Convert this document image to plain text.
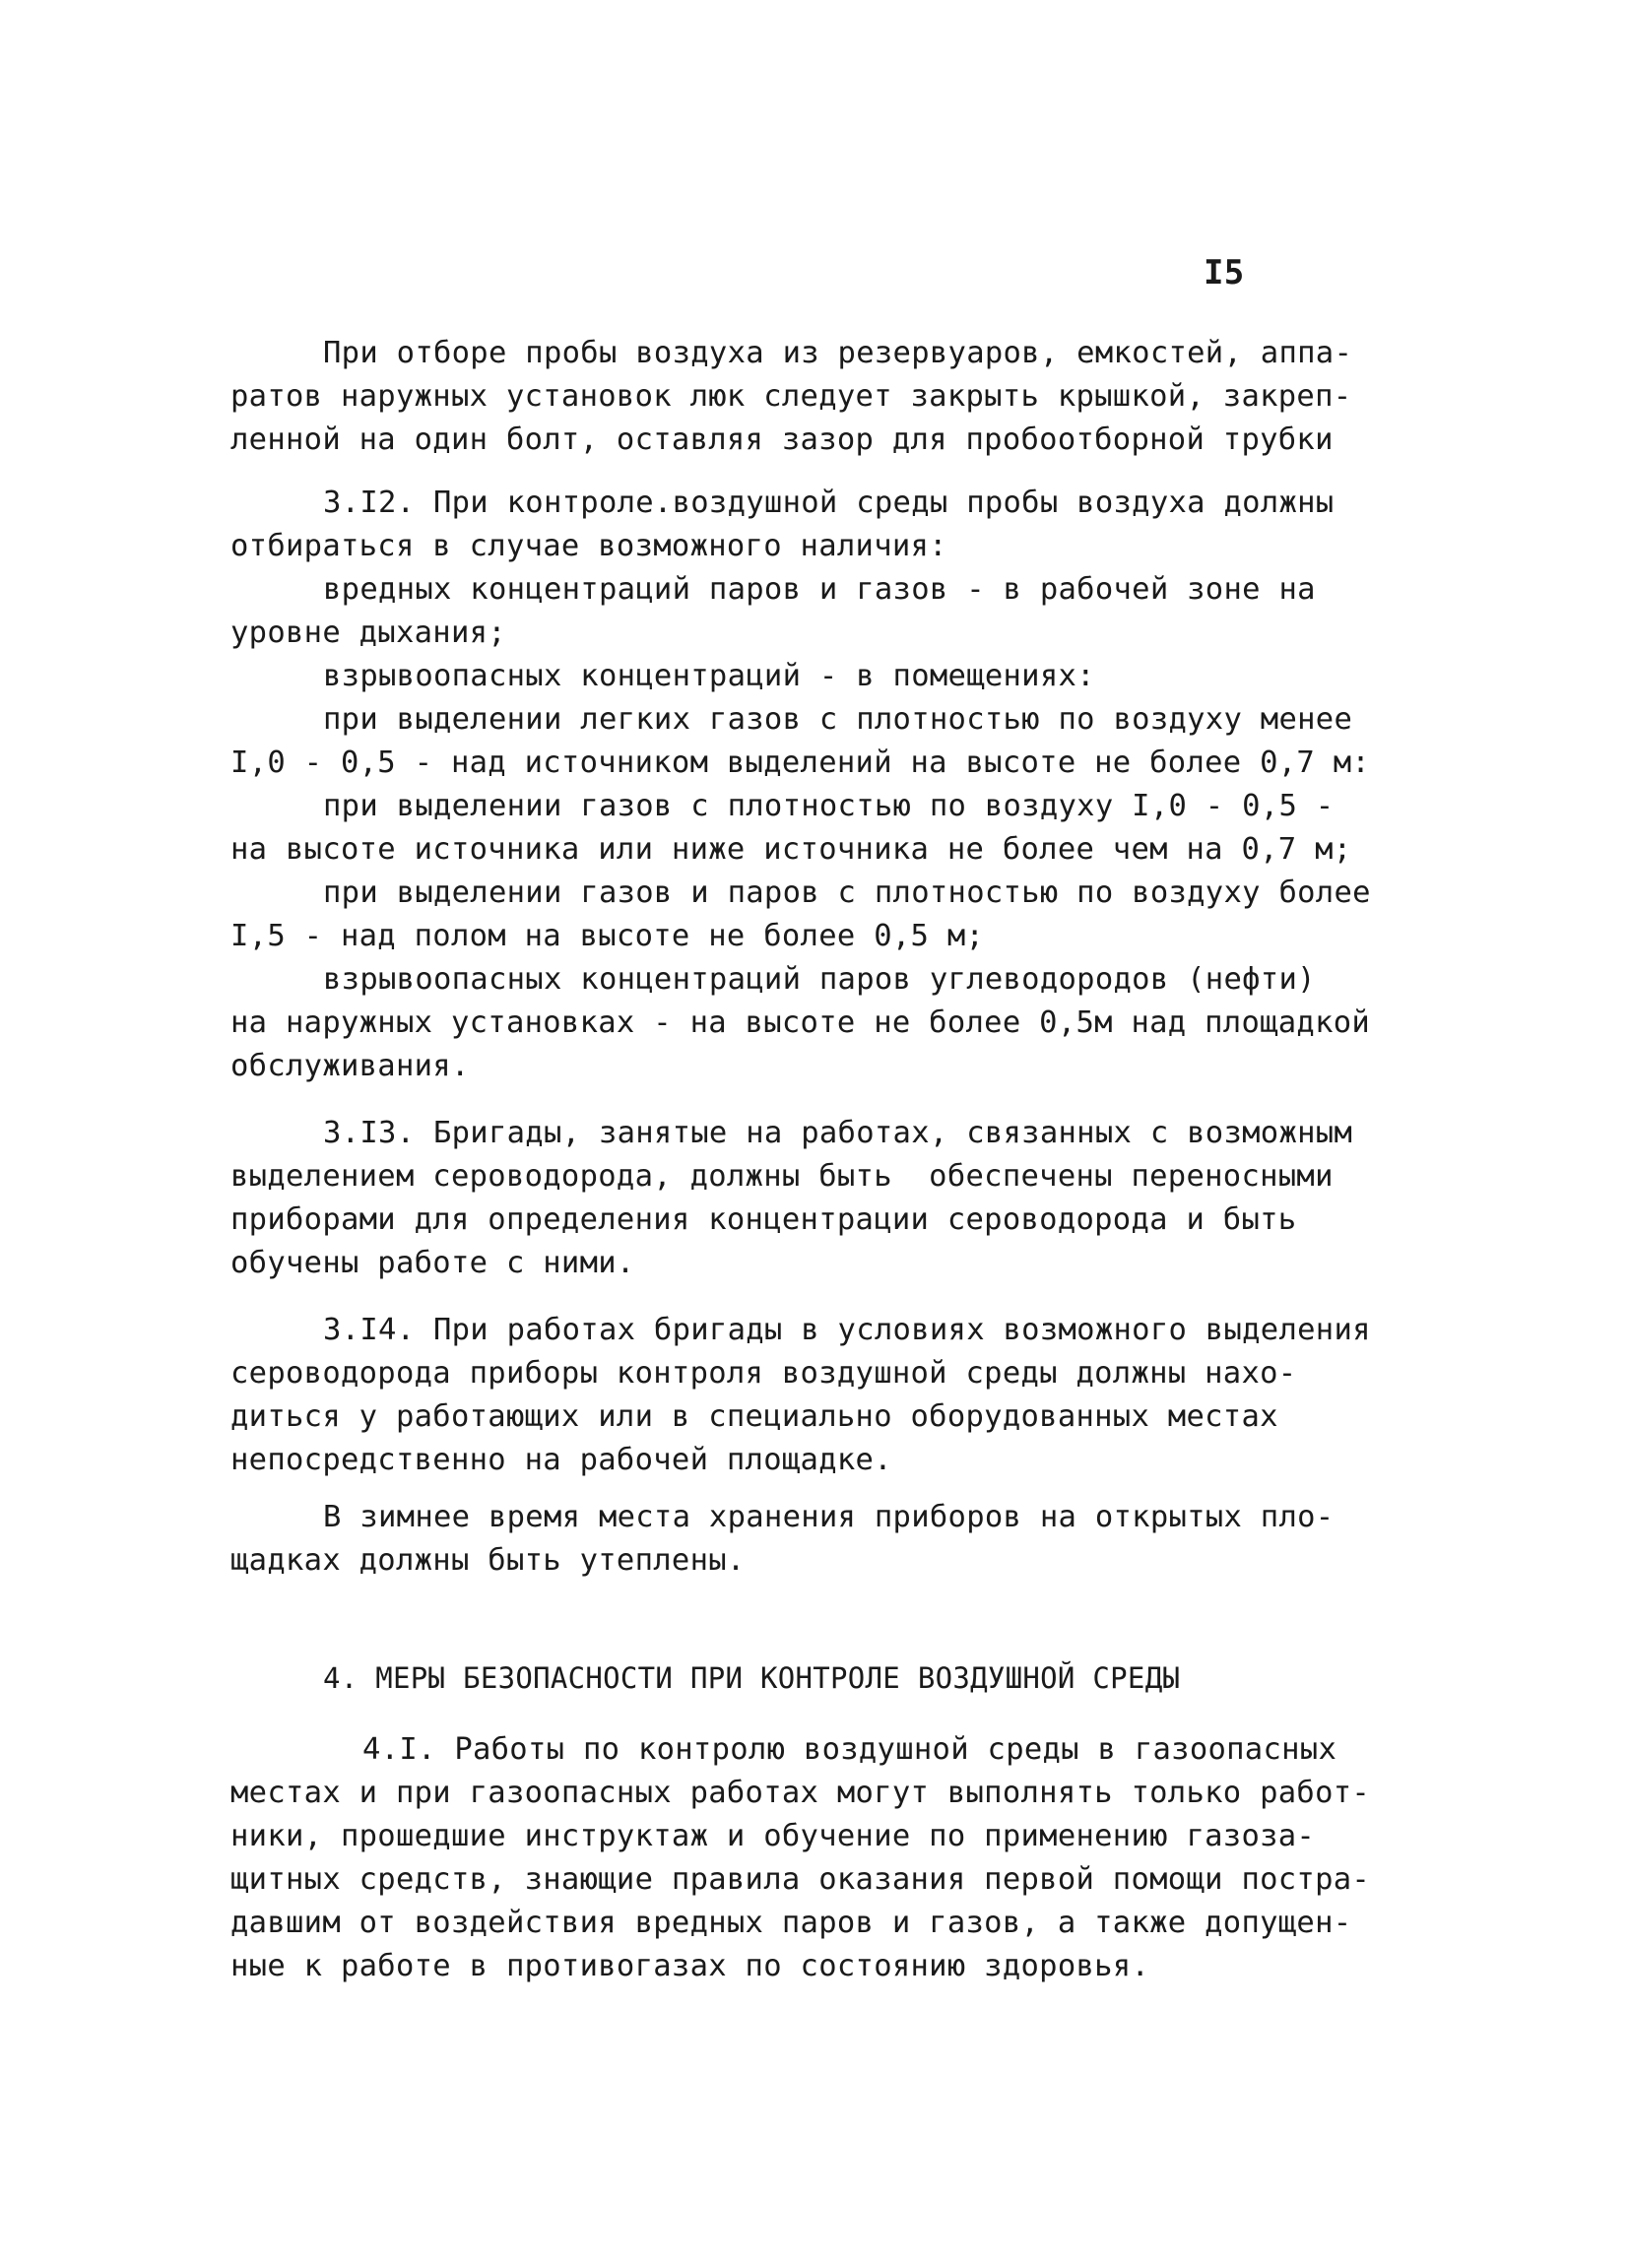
I5
При отборе пробы воздуха из резервуаров, емкостей, аппа-
ратов наружных установок люк следует закрыть крышкой, закреп-
ленной на один болт, оставляя зазор для пробоотборной трубки
3.I2. При контроле.воздушной среды пробы воздуха должны
отбираться в случае возможного наличия:
вредных концентраций паров и газов - в рабочей зоне на
уровне дыхания;
взрывоопасных концентраций - в помещениях:
при выделении легких газов с плотностью по воздуху менее
I,0 - 0,5 - над источником выделений на высоте не более 0,7 м:
при выделении газов с плотностью по воздуху I,0 - 0,5 -
на высоте источника или ниже источника не более чем на 0,7 м;
при выделении газов и паров с плотностью по воздуху более
I,5 - над полом на высоте не более 0,5 м;
взрывоопасных концентраций паров углеводородов (нефти)
на наружных установках - на высоте не более 0,5м над площадкой
обслуживания.
3.I3. Бригады, занятые на работах, связанных с возможным
выделением сероводорода, должны быть  обеспечены переносными
приборами для определения концентрации сероводорода и быть
обучены работе с ними.
3.I4. При работах бригады в условиях возможного выделения
сероводорода приборы контроля воздушной среды должны нахо-
диться у работающих или в специально оборудованных местах
непосредственно на рабочей площадке.
В зимнее время места хранения приборов на открытых пло-
щадках должны быть утеплены.
4. МЕРЫ БЕЗОПАСНОСТИ ПРИ КОНТРОЛЕ ВОЗДУШНОЙ СРЕДЫ
4.I. Работы по контролю воздушной среды в газоопасных
местах и при газоопасных работах могут выполнять только работ-
ники, прошедшие инструктаж и обучение по применению газоза-
щитных средств, знающие правила оказания первой помощи постра-
давшим от воздействия вредных паров и газов, а также допущен-
ные к работе в противогазах по состоянию здоровья.
